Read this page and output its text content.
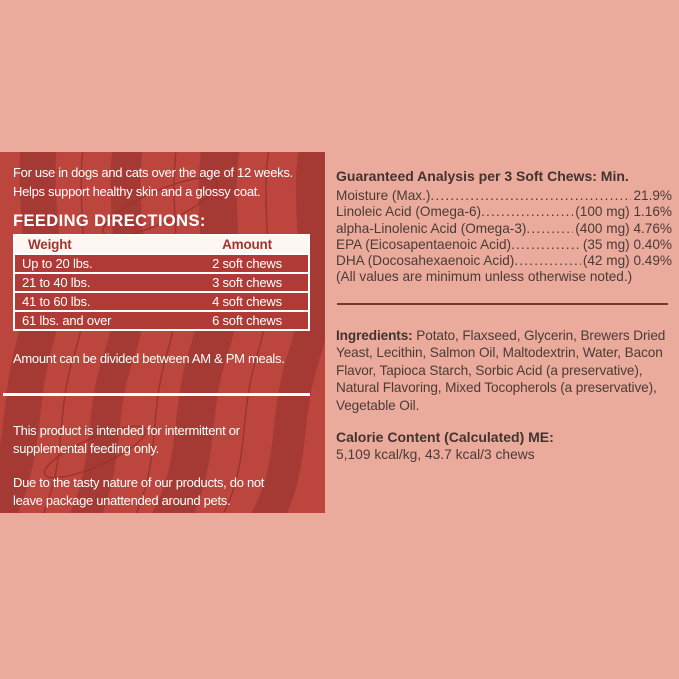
For use in dogs and cats over the age of 12 weeks.
Helps support healthy skin and a glossy coat.
FEEDING DIRECTIONS:
Weight	Amount
Up to 20 lbs.	2 soft chews
21 to 40 lbs.	3 soft chews
41 to 60 lbs.	4 soft chews
61 lbs. and over	6 soft chews
Amount can be divided between AM & PM meals.
This product is intended for intermittent or
supplemental feeding only.
Due to the tasty nature of our products, do not
leave package unattended around pets.
Guaranteed Analysis per 3 Soft Chews: Min.
Moisture (Max.) .....	21.9%
Linoleic Acid (Omega-6) .....	(100 mg) 1.16%
alpha-Linolenic Acid (Omega-3) .....	(400 mg) 4.76%
EPA (Eicosapentaenoic Acid) .....	(35 mg) 0.40%
DHA (Docosahexaenoic Acid) .....	(42 mg) 0.49%
(All values are minimum unless otherwise noted.)
Ingredients: Potato, Flaxseed, Glycerin, Brewers Dried Yeast, Lecithin, Salmon Oil, Maltodextrin, Water, Bacon Flavor, Tapioca Starch, Sorbic Acid (a preservative), Natural Flavoring, Mixed Tocopherols (a preservative), Vegetable Oil.
Calorie Content (Calculated) ME:
5,109 kcal/kg, 43.7 kcal/3 chews
